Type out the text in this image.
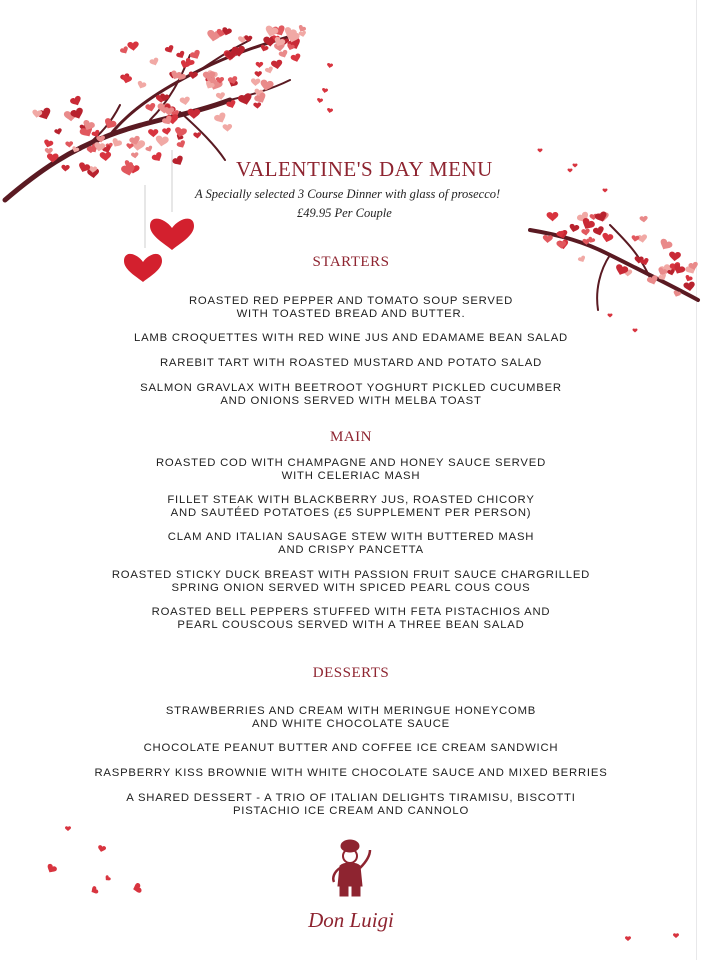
VALENTINE'S DAY MENU
A Specially selected 3 Course Dinner with glass of prosecco!
£49.95 Per Couple
STARTERS
ROASTED RED PEPPER AND TOMATO SOUP SERVED
WITH TOASTED BREAD AND BUTTER.
LAMB CROQUETTES WITH RED WINE JUS AND EDAMAME BEAN SALAD
RAREBIT TART WITH ROASTED MUSTARD AND POTATO SALAD
SALMON GRAVLAX WITH BEETROOT YOGHURT PICKLED CUCUMBER
AND ONIONS SERVED WITH MELBA TOAST
MAIN
ROASTED COD WITH CHAMPAGNE AND HONEY SAUCE SERVED
WITH CELERIAC MASH
FILLET STEAK WITH BLACKBERRY JUS, ROASTED CHICORY
AND SAUTÉED POTATOES (£5 SUPPLEMENT PER PERSON)
CLAM AND ITALIAN SAUSAGE STEW WITH BUTTERED MASH
AND CRISPY PANCETTA
ROASTED STICKY DUCK BREAST WITH PASSION FRUIT SAUCE CHARGRILLED
SPRING ONION SERVED WITH SPICED PEARL COUS COUS
ROASTED BELL PEPPERS STUFFED WITH FETA PISTACHIOS AND
PEARL COUSCOUS SERVED WITH A THREE BEAN SALAD
DESSERTS
STRAWBERRIES AND CREAM WITH MERINGUE HONEYCOMB
AND WHITE CHOCOLATE SAUCE
CHOCOLATE PEANUT BUTTER AND COFFEE ICE CREAM SANDWICH
RASPBERRY KISS BROWNIE WITH WHITE CHOCOLATE SAUCE AND MIXED BERRIES
A SHARED DESSERT - A TRIO OF ITALIAN DELIGHTS TIRAMISU, BISCOTTI
PISTACHIO ICE CREAM AND CANNOLO
Don Luigi
